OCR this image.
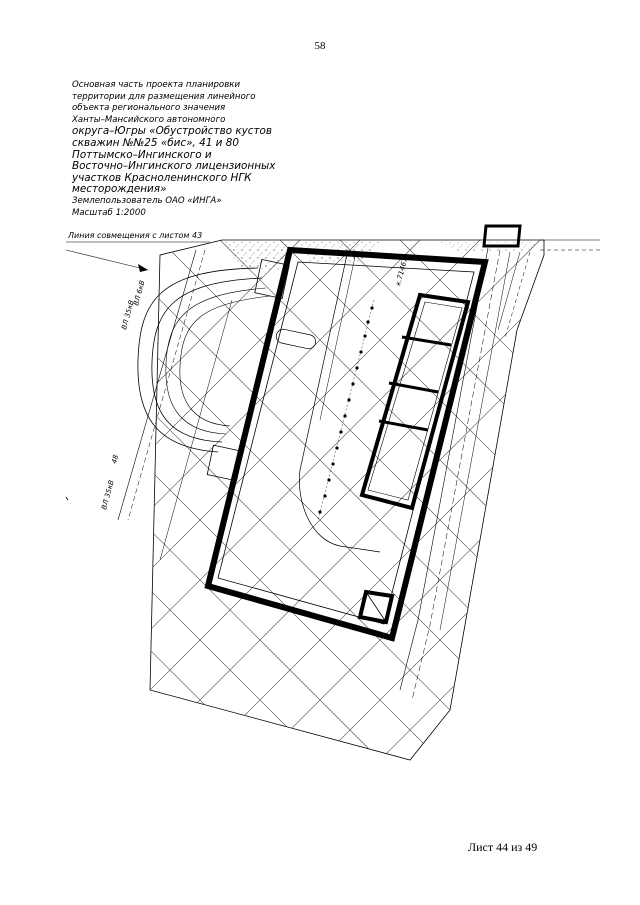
58
Основная часть проекта планировки
территории для размещения линейного
объекта регионального значения
Ханты–Мансийского автономного
округа–Югры «Обустройство кустов
скважин №№25 «бис», 41 и 80
Поттымско–Ингинского и
Восточно–Ингинского лицензионных
участков Красноленинского НГК
месторождения»
Землепользователь ОАО «ИНГА»
Масштаб 1:2000
Линия совмещения с листом 43
ВЛ 35кВ
ВЛ 6кВ
ВЛ 35кВ
48
к.71467
Лист 44 из 49
